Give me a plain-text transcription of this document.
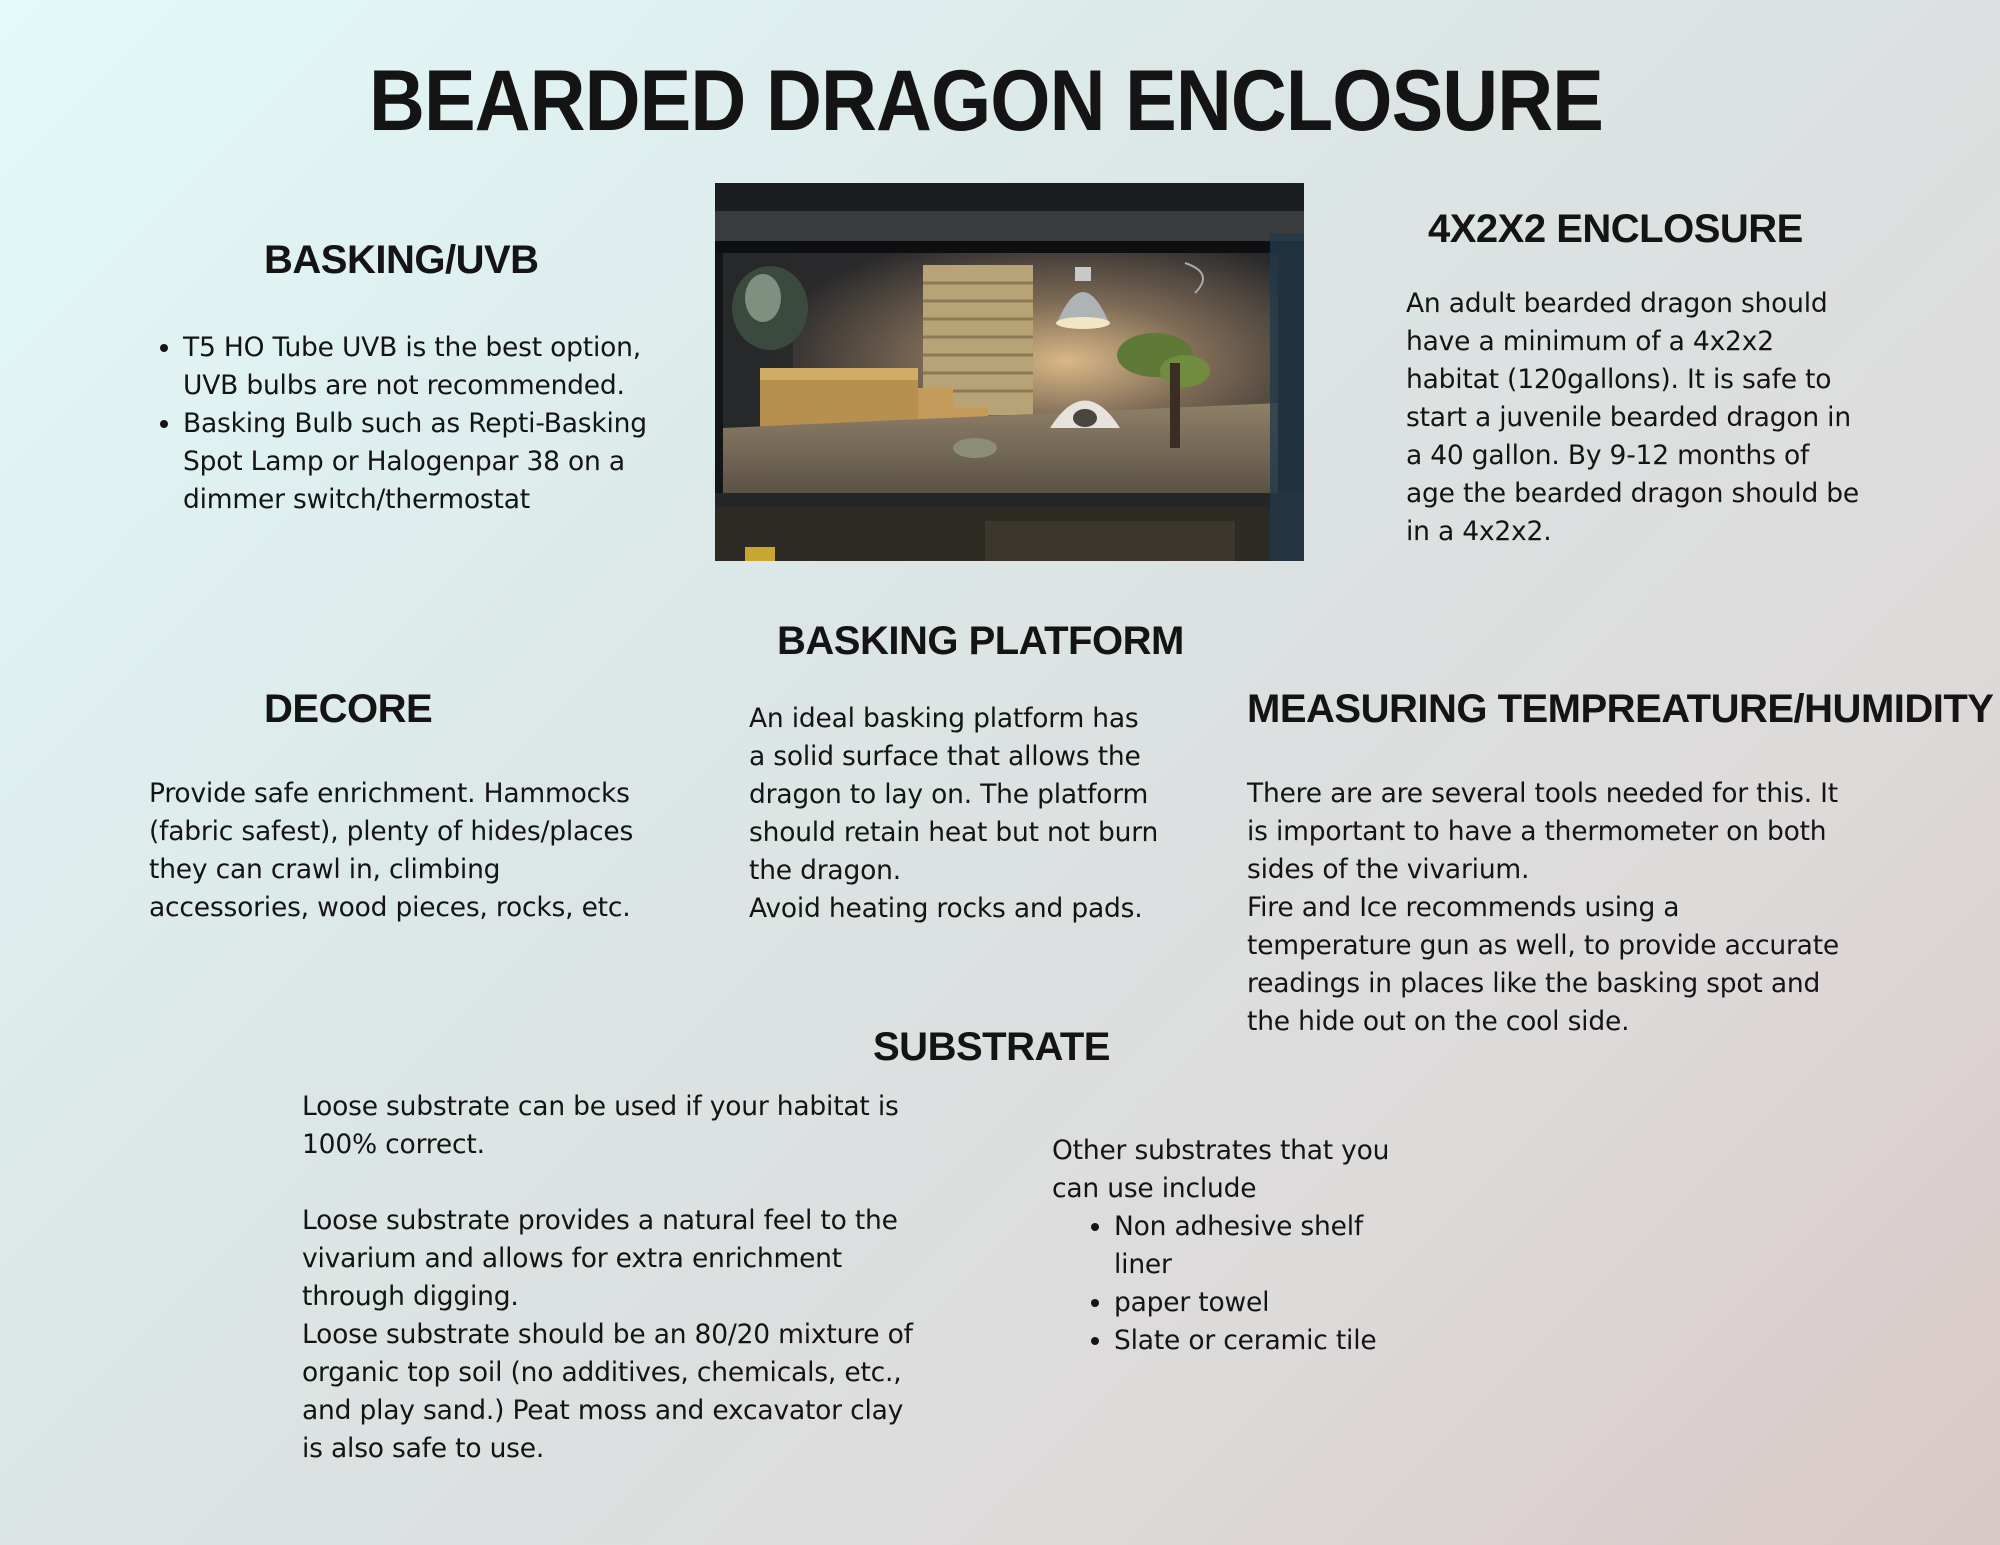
BEARDED DRAGON ENCLOSURE
BASKING/UVB
• T5 HO Tube UVB is the best option, UVB bulbs are not recommended.
• Basking Bulb such as Repti-Basking Spot Lamp or Halogenpar 38 on a dimmer switch/thermostat
4X2X2 ENCLOSURE

An adult bearded dragon should have a minimum of a 4x2x2 habitat (120gallons). It is safe to start a juvenile bearded dragon in a 40 gallon. By 9-12 months of age the bearded dragon should be in a 4x2x2.

BASKING PLATFORM

An ideal basking platform has a solid surface that allows the dragon to lay on. The platform should retain heat but not burn the dragon.

Avoid heating rocks and pads.

DECORE

Provide safe enrichment. Hammocks (fabric safest), plenty of hides/places they can crawl in, climbing accessories, wood pieces, rocks, etc.

MEASURING TEMPREATURE/HUMIDITY

There are are several tools needed for this. It is important to have a thermometer on both sides of the vivarium.

Fire and Ice recommends using a temperature gun as well, to provide accurate readings in places like the basking spot and the hide out on the cool side.

SUBSTRATE

Loose substrate can be used if your habitat is 100% correct.

Loose substrate provides a natural feel to the vivarium and allows for extra enrichment through digging.

Loose substrate should be an 80/20 mixture of organic top soil (no additives, chemicals, etc., and play sand.) Peat moss and excavator clay is also safe to use.

Other substrates that you can use include

• Non adhesive shelf liner
• paper towel
• Slate or ceramic tile
